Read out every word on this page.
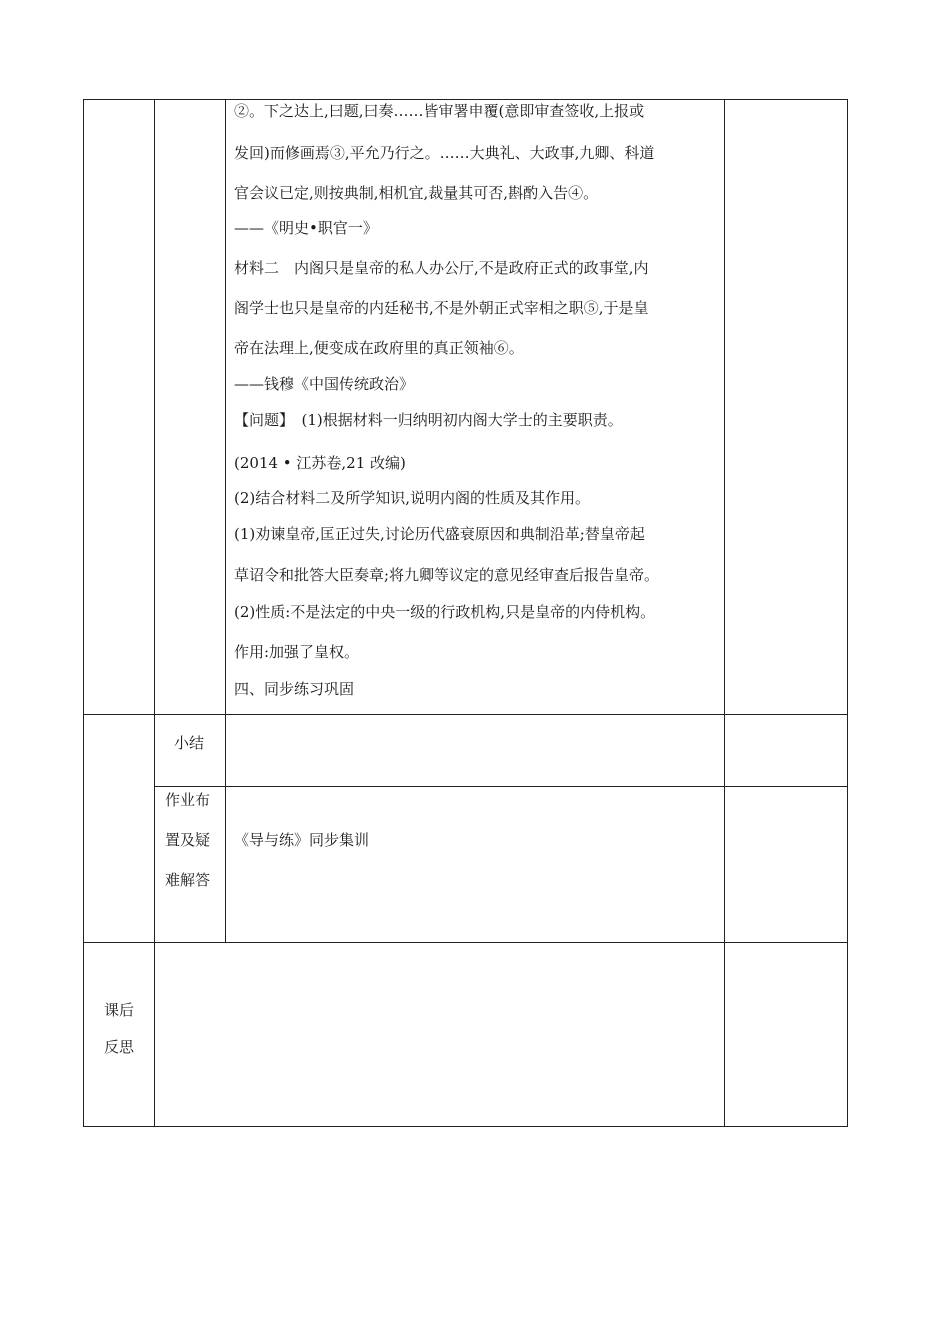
②。下之达上,曰题,曰奏……皆审署申覆(意即审查签收,上报或
发回)而修画焉③,平允乃行之。……大典礼、大政事,九卿、科道
官会议已定,则按典制,相机宜,裁量其可否,斟酌入告④。
——《明史•职官一》
材料二　内阁只是皇帝的私人办公厅,不是政府正式的政事堂,内
阁学士也只是皇帝的内廷秘书,不是外朝正式宰相之职⑤,于是皇
帝在法理上,便变成在政府里的真正领袖⑥。
——钱穆《中国传统政治》
【问题】　(1)根据材料一归纳明初内阁大学士的主要职责。
(2014 • 江苏卷,21 改编)
(2)结合材料二及所学知识,说明内阁的性质及其作用。
(1)劝谏皇帝,匡正过失,讨论历代盛衰原因和典制沿革;替皇帝起
草诏令和批答大臣奏章;将九卿等议定的意见经审查后报告皇帝。
(2)性质:不是法定的中央一级的行政机构,只是皇帝的内侍机构。
作用:加强了皇权。
四、同步练习巩固
小结
作业布
置及疑
难解答
《导与练》同步集训
课后
反思
